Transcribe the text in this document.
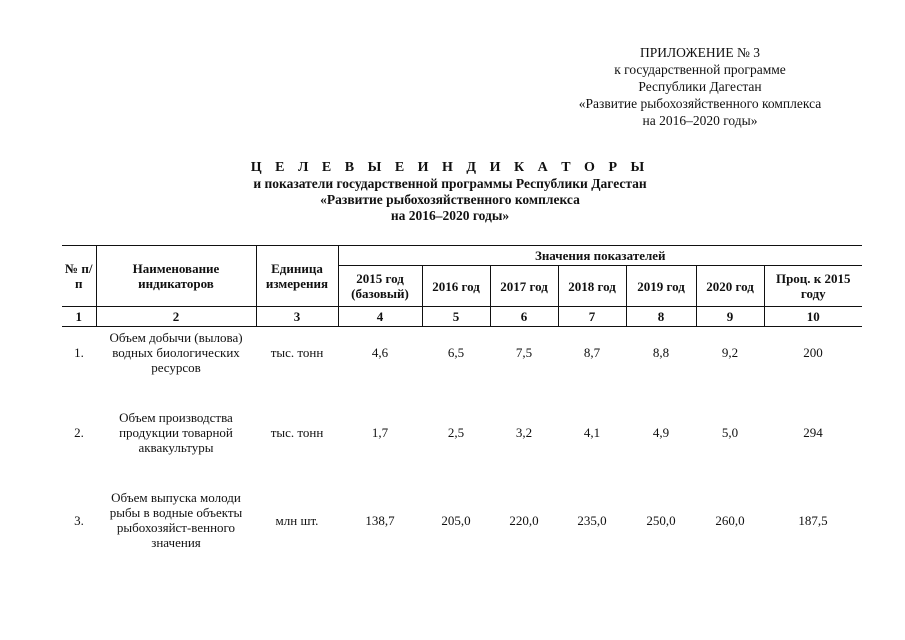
ПРИЛОЖЕНИЕ № 3
к государственной программе
Республики Дагестан
«Развитие рыбохозяйственного комплекса
на 2016–2020 годы»
Ц Е Л Е В Ы Е И Н Д И К А Т О Р Ы
и показатели государственной программы Республики Дагестан
«Развитие рыбохозяйственного комплекса
на 2016–2020 годы»
№ п/п	Наименование индикаторов	Единица измерения	Значения показателей						
			2015 год (базовый)	2016 год	2017 год	2018 год	2019 год	2020 год	Проц. к 2015 году
1	2	3	4	5	6	7	8	9	10
1.	Объем добычи (вылова) водных биологических ресурсов	тыс. тонн	4,6	6,5	7,5	8,7	8,8	9,2	200

2.	Объем производства продукции товарной аквакультуры	тыс. тонн	1,7	2,5	3,2	4,1	4,9	5,0	294

3.	Объем выпуска молоди рыбы в водные объекты рыбохозяйст-венного значения	млн шт.	138,7	205,0	220,0	235,0	250,0	260,0	187,5
